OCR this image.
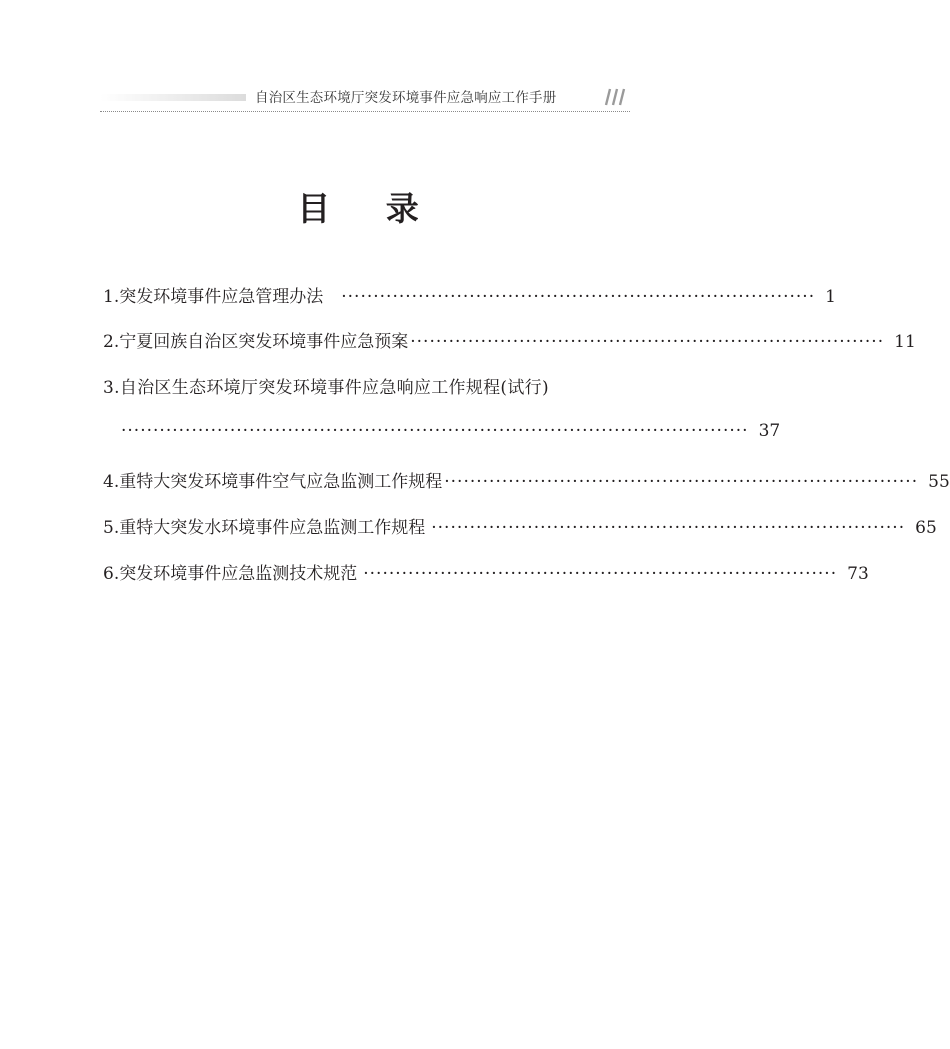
自治区生态环境厅突发环境事件应急响应工作手册
目 录
1.突发环境事件应急管理办法 ·········································································· 1
2.宁夏回族自治区突发环境事件应急预案 ·········································································· 11
3.自治区生态环境厅突发环境事件应急响应工作规程(试行)
·································································································· 37
4.重特大突发环境事件空气应急监测工作规程 ·········································································· 55
5.重特大突发水环境事件应急监测工作规程 ·········································································· 65
6.突发环境事件应急监测技术规范 ·········································································· 73
